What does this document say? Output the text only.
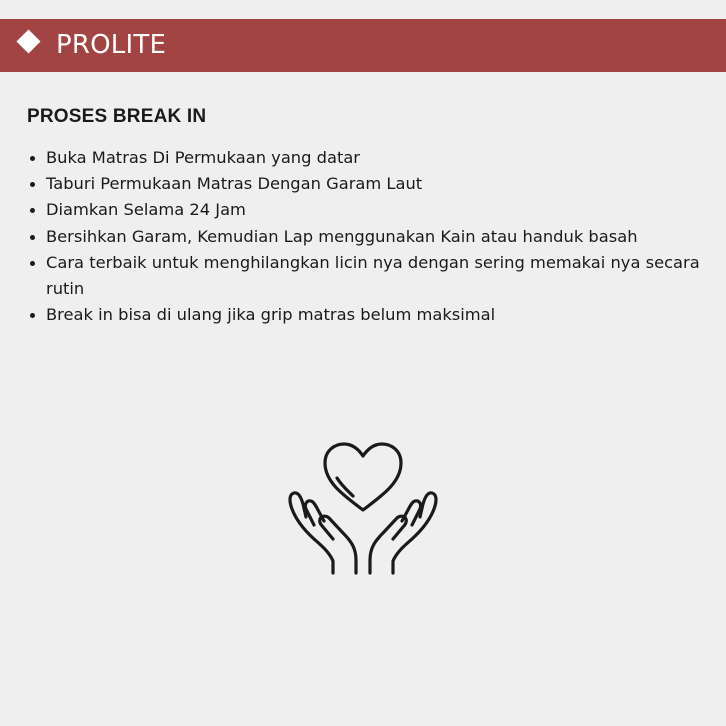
PROLITE
PROSES BREAK IN
Buka Matras Di Permukaan yang datar
Taburi Permukaan Matras Dengan Garam Laut
Diamkan Selama 24 Jam
Bersihkan Garam, Kemudian Lap menggunakan Kain atau handuk basah
Cara terbaik untuk menghilangkan licin nya dengan sering memakai nya secara rutin
Break in bisa di ulang jika grip matras belum maksimal
